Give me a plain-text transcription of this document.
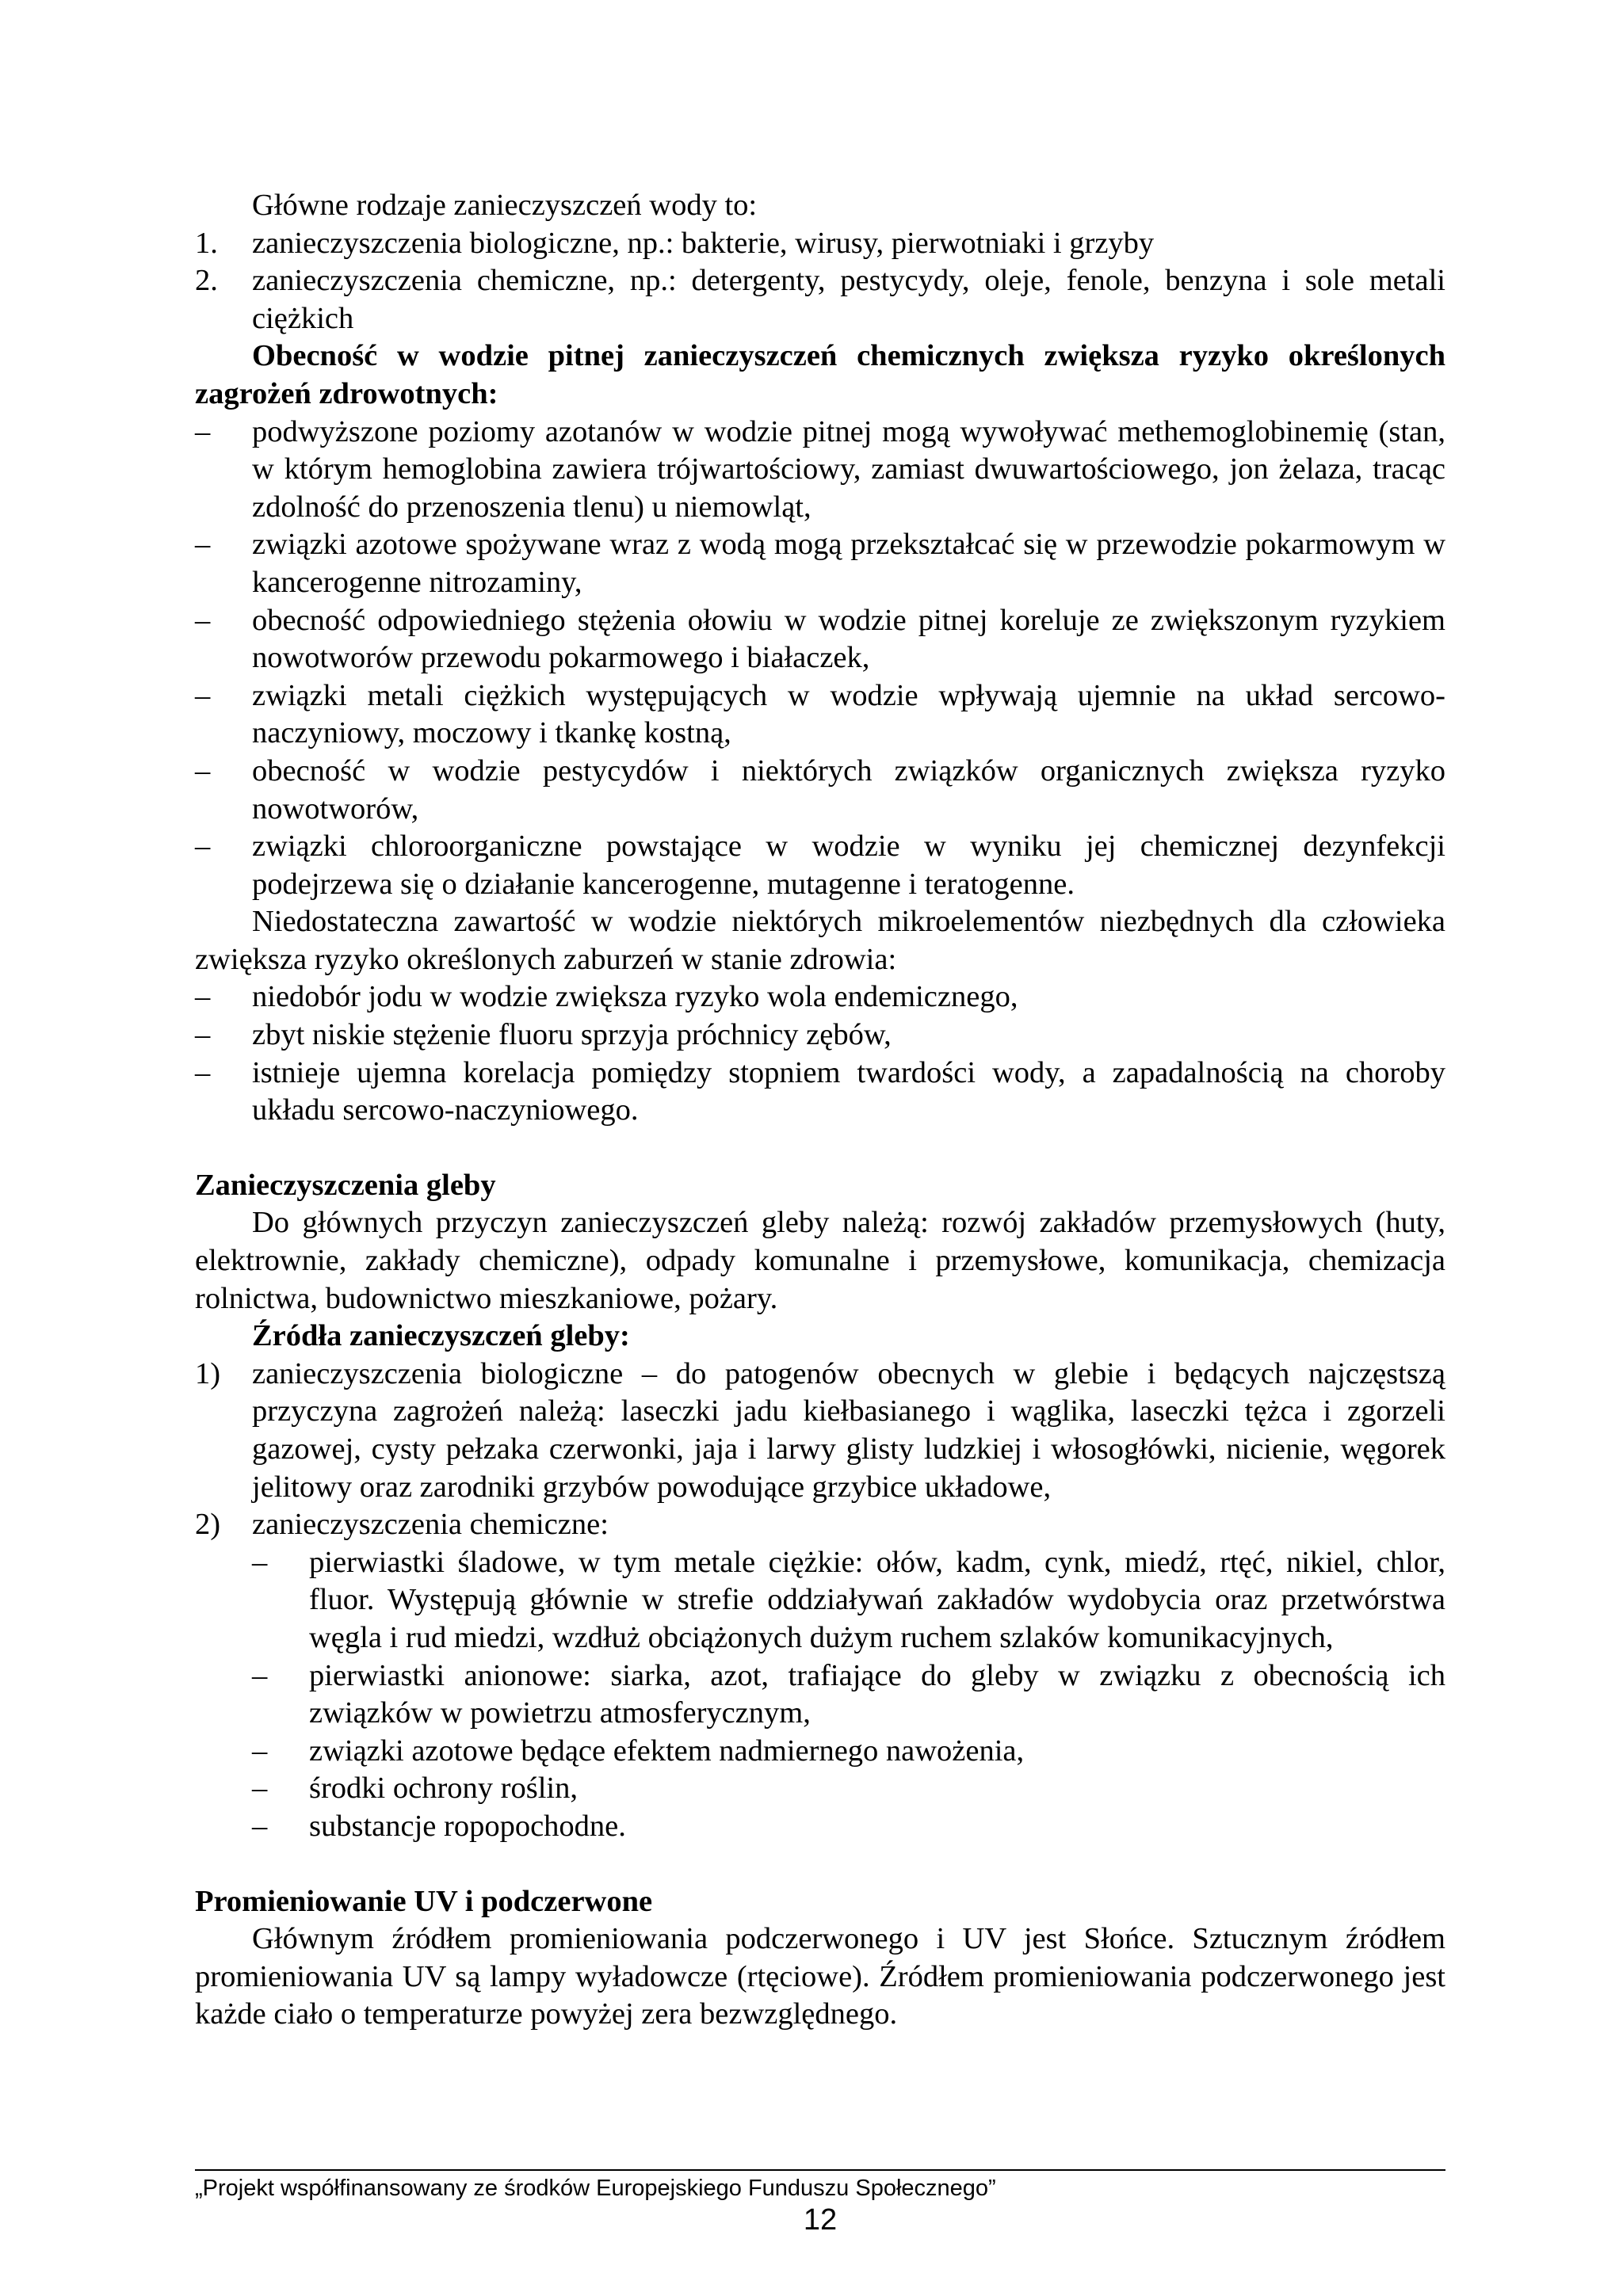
Główne rodzaje zanieczyszczeń wody to:

1. zanieczyszczenia biologiczne, np.: bakterie, wirusy, pierwotniaki i grzyby
2. zanieczyszczenia chemiczne, np.: detergenty, pestycydy, oleje, fenole, benzyna i sole metali ciężkich

Obecność w wodzie pitnej zanieczyszczeń chemicznych zwiększa ryzyko określonych zagrożeń zdrowotnych:

– podwyższone poziomy azotanów w wodzie pitnej mogą wywoływać methemoglobinemię (stan, w którym hemoglobina zawiera trójwartościowy, zamiast dwuwartościowego, jon żelaza, tracąc zdolność do przenoszenia tlenu) u niemowląt,
– związki azotowe spożywane wraz z wodą mogą przekształcać się w przewodzie pokarmowym w kancerogenne nitrozaminy,
– obecność odpowiedniego stężenia ołowiu w wodzie pitnej koreluje ze zwiększonym ryzykiem nowotworów przewodu pokarmowego i białaczek,
– związki metali ciężkich występujących w wodzie wpływają ujemnie na układ sercowo-naczyniowy, moczowy i tkankę kostną,
– obecność w wodzie pestycydów i niektórych związków organicznych zwiększa ryzyko nowotworów,
– związki chloroorganiczne powstające w wodzie w wyniku jej chemicznej dezynfekcji podejrzewa się o działanie kancerogenne, mutagenne i teratogenne.

Niedostateczna zawartość w wodzie niektórych mikroelementów niezbędnych dla człowieka zwiększa ryzyko określonych zaburzeń w stanie zdrowia:

– niedobór jodu w wodzie zwiększa ryzyko wola endemicznego,
– zbyt niskie stężenie fluoru sprzyja próchnicy zębów,
– istnieje ujemna korelacja pomiędzy stopniem twardości wody, a zapadalnością na choroby układu sercowo-naczyniowego.

Zanieczyszczenia gleby

Do głównych przyczyn zanieczyszczeń gleby należą: rozwój zakładów przemysłowych (huty, elektrownie, zakłady chemiczne), odpady komunalne i przemysłowe, komunikacja, chemizacja rolnictwa, budownictwo mieszkaniowe, pożary.

Źródła zanieczyszczeń gleby:

1) zanieczyszczenia biologiczne – do patogenów obecnych w glebie i będących najczęstszą przyczyna zagrożeń należą: laseczki jadu kiełbasianego i wąglika, laseczki tężca i zgorzeli gazowej, cysty pełzaka czerwonki, jaja i larwy glisty ludzkiej i włosogłówki, nicienie, węgorek jelitowy oraz zarodniki grzybów powodujące grzybice układowe,
2) zanieczyszczenia chemiczne:
– pierwiastki śladowe, w tym metale ciężkie: ołów, kadm, cynk, miedź, rtęć, nikiel, chlor, fluor. Występują głównie w strefie oddziaływań zakładów wydobycia oraz przetwórstwa węgla i rud miedzi, wzdłuż obciążonych dużym ruchem szlaków komunikacyjnych,
– pierwiastki anionowe: siarka, azot, trafiające do gleby w związku z obecnością ich związków w powietrzu atmosferycznym,
– związki azotowe będące efektem nadmiernego nawożenia,
– środki ochrony roślin,
– substancje ropopochodne.

Promieniowanie UV i podczerwone

Głównym źródłem promieniowania podczerwonego i UV jest Słońce. Sztucznym źródłem promieniowania UV są lampy wyładowcze (rtęciowe). Źródłem promieniowania podczerwonego jest każde ciało o temperaturze powyżej zera bezwzględnego.

„Projekt współfinansowany ze środków Europejskiego Funduszu Społecznego”
12
